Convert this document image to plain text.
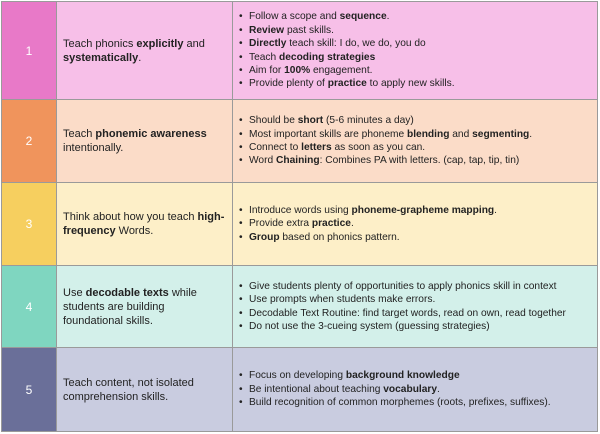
1	Teach phonics explicitly and systematically.
• Follow a scope and sequence.
• Review past skills.
• Directly teach skill: I do, we do, you do
• Teach decoding strategies
• Aim for 100% engagement.
• Provide plenty of practice to apply new skills.
2	Teach phonemic awareness intentionally.
• Should be short (5-6 minutes a day)
• Most important skills are phoneme blending and segmenting.
• Connect to letters as soon as you can.
• Word Chaining: Combines PA with letters. (cap, tap, tip, tin)
3	Think about how you teach high-frequency Words.
• Introduce words using phoneme-grapheme mapping.
• Provide extra practice.
• Group based on phonics pattern.
4
Use decodable texts while students are building foundational skills.
• Give students plenty of opportunities to apply phonics skill in context
• Use prompts when students make errors.
• Decodable Text Routine: find target words, read on own, read together
• Do not use the 3-cueing system (guessing strategies)
5	Teach content, not isolated comprehension skills.
• Focus on developing background knowledge
• Be intentional about teaching vocabulary.
• Build recognition of common morphemes (roots, prefixes, suffixes).
